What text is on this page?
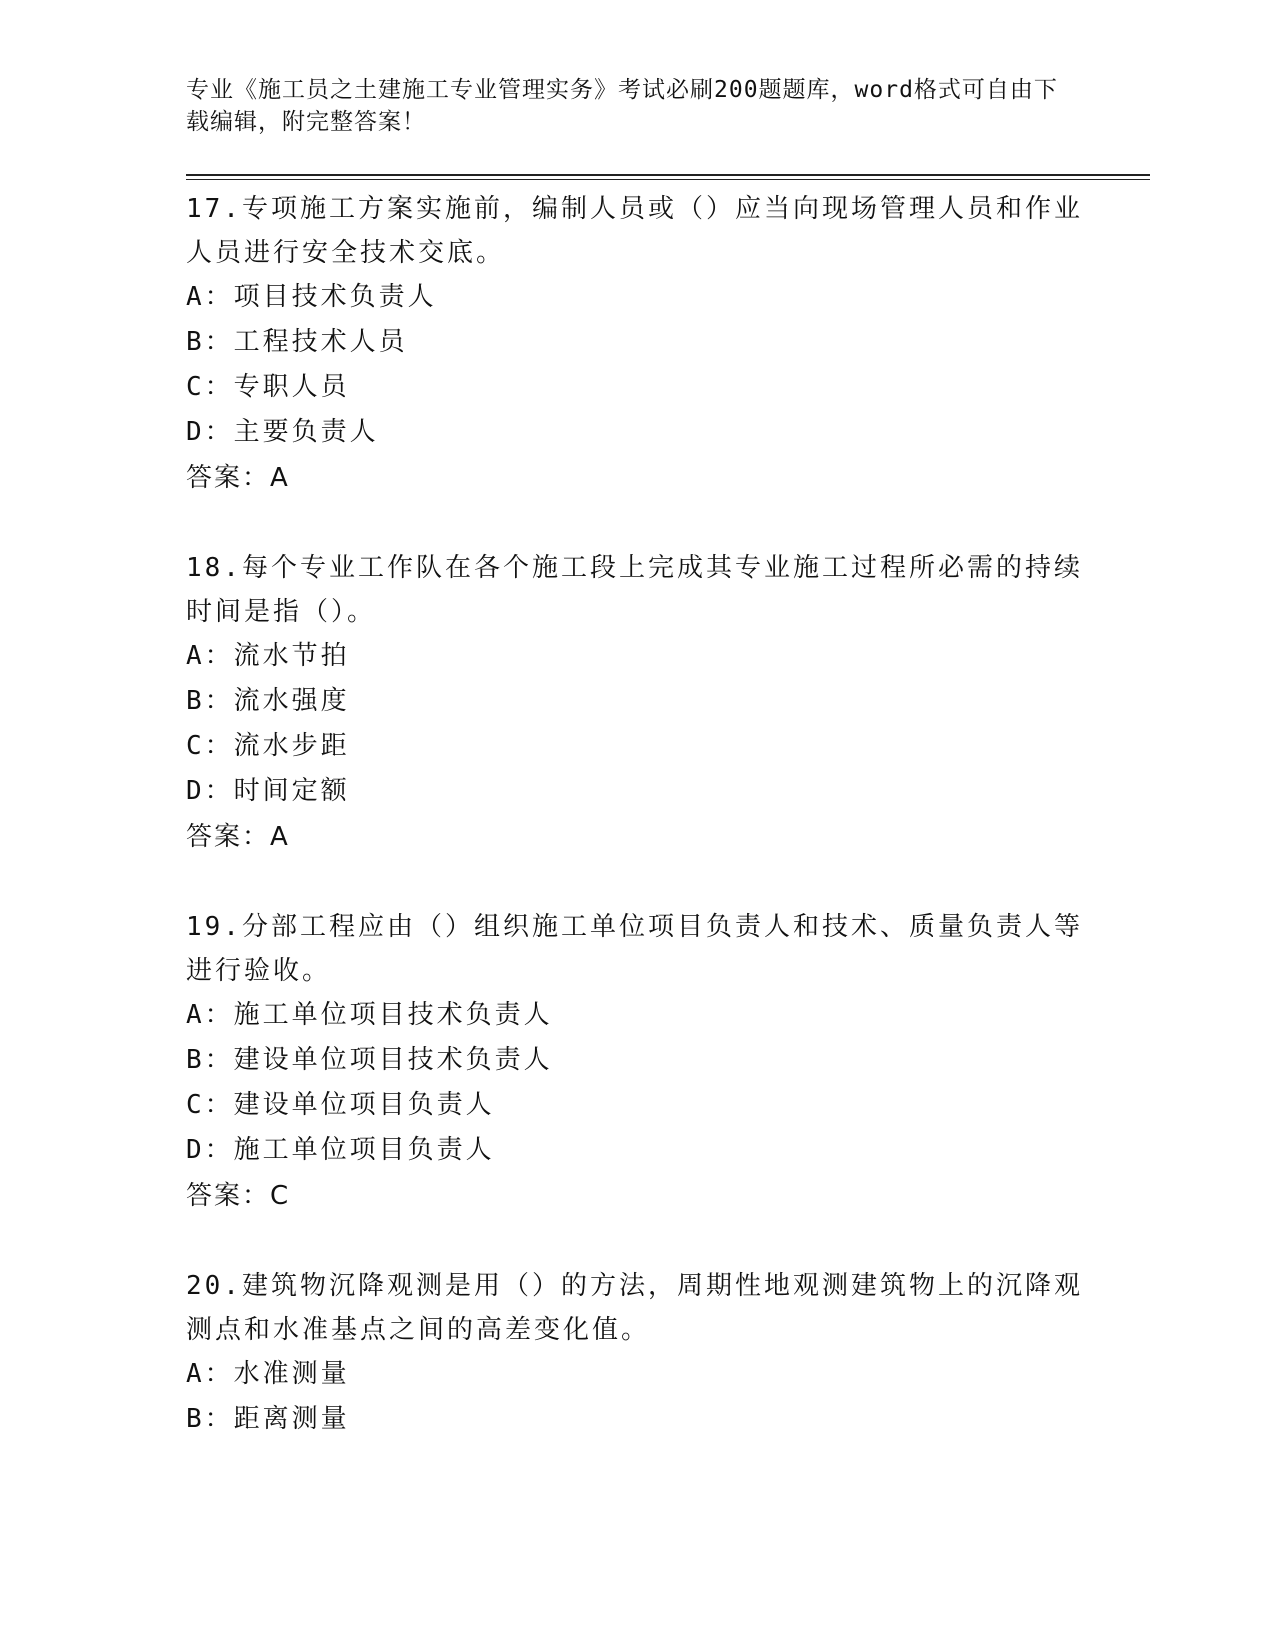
专业《施工员之土建施工专业管理实务》考试必刷200题题库，word格式可自由下载编辑，附完整答案！

17.专项施工方案实施前，编制人员或（）应当向现场管理人员和作业人员进行安全技术交底。

A：项目技术负责人

B：工程技术人员

C：专职人员

D：主要负责人

答案：A

18.每个专业工作队在各个施工段上完成其专业施工过程所必需的持续时间是指（）。

A：流水节拍

B：流水强度

C：流水步距

D：时间定额

答案：A

19.分部工程应由（）组织施工单位项目负责人和技术、质量负责人等进行验收。

A：施工单位项目技术负责人

B：建设单位项目技术负责人

C：建设单位项目负责人

D：施工单位项目负责人

答案：C

20.建筑物沉降观测是用（）的方法，周期性地观测建筑物上的沉降观测点和水准基点之间的高差变化值。

A：水准测量

B：距离测量
